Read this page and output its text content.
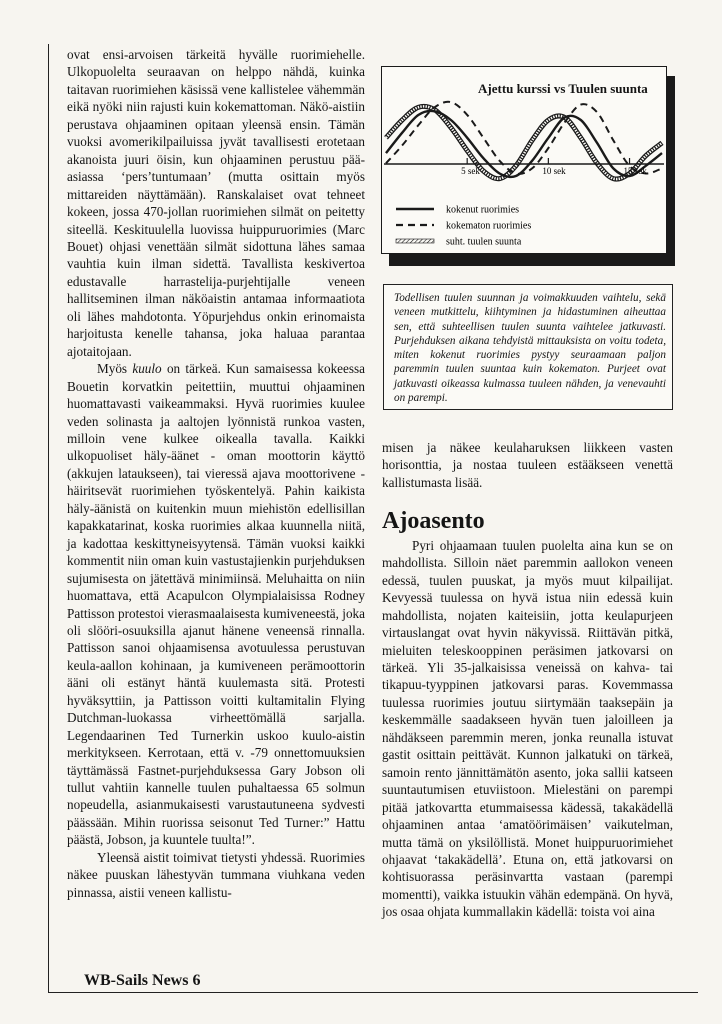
WB-Sails News 6

ovat ensi-arvoisen tärkeitä hyvälle ruorimiehelle. Ulkopuolelta seuraavan on helppo nähdä, kuinka taitavan ruorimiehen käsissä vene kallistelee vähemmän eikä nyöki niin rajusti kuin kokemattoman. Näkö-aistiin perustava ohjaaminen opitaan yleensä ensin. Tämän vuoksi avomerikilpailuissa jyvät tavallisesti erotetaan akanoista juuri öisin, kun ohjaaminen perustuu pää-asiassa ‘pers’tuntumaan’ (mutta osittain myös mittareiden näyttämään). Ranskalaiset ovat tehneet kokeen, jossa 470-jollan ruorimiehen silmät on peitetty siteellä. Keskituulella luovissa huippuruorimies (Marc Bouet) ohjasi venettään silmät sidottuna lähes samaa vauhtia kuin ilman sidettä. Tavallista keskivertoa edustavalle harrastelija-purjehtijalle veneen hallitseminen ilman näköaistin antamaa informaatiota oli lähes mahdotonta. Yöpurjehdus onkin erinomaista harjoitusta kenelle tahansa, joka haluaa parantaa ajotaitojaan.

Myös kuulo on tärkeä. Kun samaisessa kokeessa Bouetin korvatkin peitettiin, muuttui ohjaaminen huomattavasti vaikeammaksi. Hyvä ruorimies kuulee veden solinasta ja aaltojen lyönnistä runkoa vasten, milloin vene kulkee oikealla tavalla. Kaikki ulkopuoliset häly-äänet - oman moottorin käyttö (akkujen lataukseen), tai vieressä ajava moottorivene - häiritsevät ruorimiehen työskentelyä. Pahin kaikista häly-äänistä on kuitenkin muun miehistön edellisillan kapakkatarinat, koska ruorimies alkaa kuunnella niitä, ja kadottaa keskittyneisyytensä. Tämän vuoksi kaikki kommentit niin oman kuin vastustajienkin purjehduksen sujumisesta on jätettävä minimiinsä. Meluhaitta on niin huomattava, että Acapulcon Olympialaisissa Rodney Pattisson protestoi vierasmaalaisesta kumiveneestä, joka oli slööri-osuuksilla ajanut hänene veneensä rinnalla. Pattisson sanoi ohjaamisensa avotuulessa perustuvan keula-aallon kohinaan, ja kumiveneen perämoottorin ääni oli estänyt häntä kuulemasta sitä. Protesti hyväksyttiin, ja Pattisson voitti kultamitalin Flying Dutchman-luokassa virheettömällä sarjalla. Legendaarinen Ted Turnerkin uskoo kuulo-aistin merkitykseen. Kerrotaan, että v. -79 onnettomuuksien täyttämässä Fastnet-purjehduksessa Gary Jobson oli tullut vahtiin kannelle tuulen puhaltaessa 65 solmun nopeudella, asianmukaisesti varustautuneena sydvesti päässään. Mihin ruorissa seisonut Ted Turner:” Hattu päästä, Jobson, ja kuuntele tuulta!”.

Yleensä aistit toimivat tietysti yhdessä. Ruorimies näkee puuskan lähestyvän tummana viuhkana veden pinnassa, aistii veneen kallistu-

Ajettu kurssi vs Tuulen suunta
5 sek	10 sek	15 sek
kokenut ruorimies
kokematon ruorimies
suht. tuulen suunta
Todellisen tuulen suunnan ja voimakkuuden vaihtelu, sekä veneen mutkittelu, kiihtyminen ja hidastuminen aiheuttaa sen, että suhteellisen tuulen suunta vaihtelee jatkuvasti. Purjehduksen aikana tehdyistä mittauksista on voitu todeta, miten kokenut ruorimies pystyy seuraamaan paljon paremmin tuulen suuntaa kuin kokematon. Purjeet ovat jatkuvasti oikeassa kulmassa tuuleen nähden, ja venevauhti on parempi.

misen ja näkee keulaharuksen liikkeen vasten horisonttia, ja nostaa tuuleen estääkseen venettä kallistumasta lisää.

Ajoasento

Pyri ohjaamaan tuulen puolelta aina kun se on mahdollista. Silloin näet paremmin aallokon veneen edessä, tuulen puuskat, ja myös muut kilpailijat. Kevyessä tuulessa on hyvä istua niin edessä kuin mahdollista, nojaten kaiteisiin, jotta keulapurjeen virtauslangat ovat hyvin näkyvissä. Riittävän pitkä, mieluiten teleskooppinen peräsimen jatkovarsi on tärkeä. Yli 35-jalkaisissa veneissä on kahva- tai tikapuu-tyyppinen jatkovarsi paras. Kovemmassa tuulessa ruorimies joutuu siirtymään taaksepäin ja keskemmälle saadakseen hyvän tuen jaloilleen ja nähdäkseen paremmin meren, jonka reunalla istuvat gastit osittain peittävät. Kunnon jalkatuki on tärkeä, samoin rento jännittämätön asento, joka sallii katseen suuntautumisen etuviistoon. Mielestäni on parempi pitää jatkovartta etummaisessa kädessä, takakädellä ohjaaminen antaa ‘amatöörimäisen’ vaikutelman, mutta tämä on yksilöllistä. Monet huippuruorimiehet ohjaavat ‘takakädellä’. Etuna on, että jatkovarsi on kohtisuorassa peräsinvartta vastaan (parempi momentti), vaikka istuukin vähän edempänä. On hyvä, jos osaa ohjata kummallakin kädellä: toista voi aina
